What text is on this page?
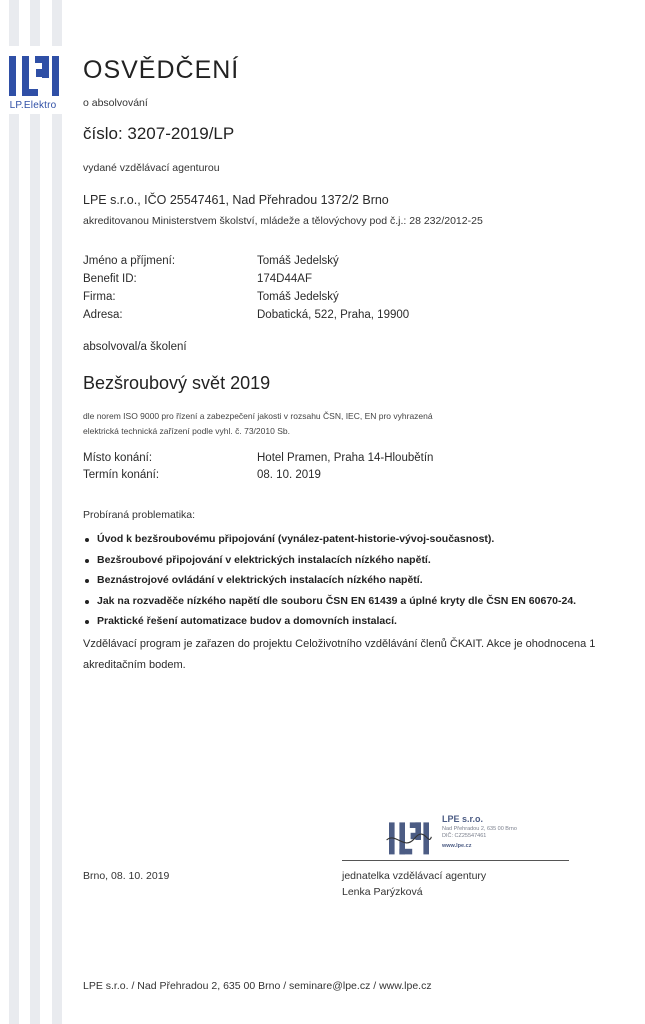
LP.Elektro
OSVĚDČENÍ
o absolvování
číslo: 3207-2019/LP
vydané vzdělávací agenturou
LPE s.r.o., IČO 25547461, Nad Přehradou 1372/2 Brno
akreditovanou Ministerstvem školství, mládeže a tělovýchovy pod č.j.: 28 232/2012-25
Jméno a příjmení:	Tomáš Jedelský
Benefit ID:	174D44AF
Firma:	Tomáš Jedelský
Adresa:	Dobatická, 522, Praha, 19900
absolvoval/a školení
Bezšroubový svět 2019
dle norem ISO 9000 pro řízení a zabezpečení jakosti v rozsahu ČSN, IEC, EN pro vyhrazená
elektrická technická zařízení podle vyhl. č. 73/2010 Sb.
Místo konání:	Hotel Pramen, Praha 14-Hloubětín
Termín konání:	08. 10. 2019
Probíraná problematika:
Úvod k bezšroubovému připojování (vynález-patent-historie-vývoj-současnost).
Bezšroubové připojování v elektrických instalacích nízkého napětí.
Beznástrojové ovládání v elektrických instalacích nízkého napětí.
Jak na rozvaděče nízkého napětí dle souboru ČSN EN 61439 a úplné kryty dle ČSN EN 60670-24.
Praktické řešení automatizace budov a domovních instalací.
Vzdělávací program je zařazen do projektu Celoživotního vzdělávání členů ČKAIT. Akce je ohodnocena 1 akreditačním bodem.
LPE s.r.o.
Nad Přehradou 2, 635 00 Brno
DIČ: CZ25547461
www.lpe.cz
Brno, 08. 10. 2019	jednatelka vzdělávací agentury
Lenka Parýzková
LPE s.r.o. / Nad Přehradou 2, 635 00 Brno / seminare@lpe.cz / www.lpe.cz
